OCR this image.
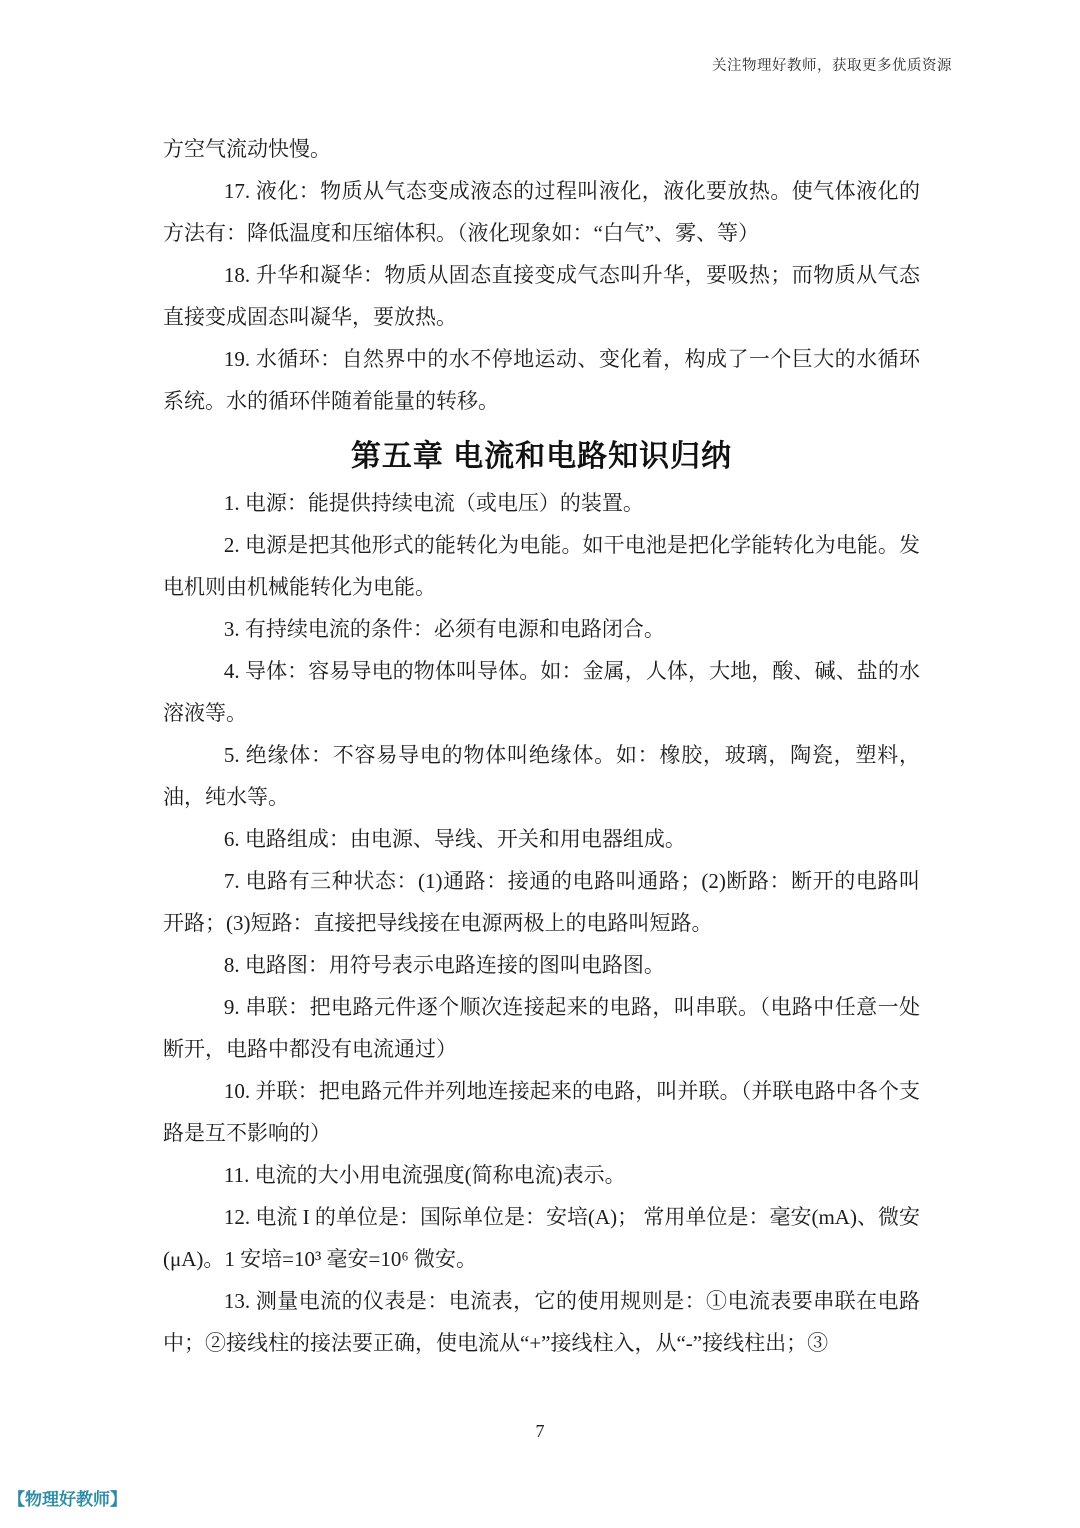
关注物理好教师，获取更多优质资源

方空气流动快慢。

17. 液化：物质从气态变成液态的过程叫液化，液化要放热。使气体液化的方法有：降低温度和压缩体积。（液化现象如：“白气”、雾、等）

18. 升华和凝华：物质从固态直接变成气态叫升华，要吸热；而物质从气态直接变成固态叫凝华，要放热。

19. 水循环：自然界中的水不停地运动、变化着，构成了一个巨大的水循环系统。水的循环伴随着能量的转移。

第五章 电流和电路知识归纳

1. 电源：能提供持续电流（或电压）的装置。

2. 电源是把其他形式的能转化为电能。如干电池是把化学能转化为电能。发电机则由机械能转化为电能。

3. 有持续电流的条件：必须有电源和电路闭合。

4. 导体：容易导电的物体叫导体。如：金属，人体，大地，酸、碱、盐的水溶液等。

5. 绝缘体：不容易导电的物体叫绝缘体。如：橡胶，玻璃，陶瓷，塑料，油，纯水等。

6. 电路组成：由电源、导线、开关和用电器组成。

7. 电路有三种状态：(1)通路：接通的电路叫通路；(2)断路：断开的电路叫开路；(3)短路：直接把导线接在电源两极上的电路叫短路。

8. 电路图：用符号表示电路连接的图叫电路图。

9. 串联：把电路元件逐个顺次连接起来的电路，叫串联。（电路中任意一处断开，电路中都没有电流通过）

10. 并联：把电路元件并列地连接起来的电路，叫并联。（并联电路中各个支路是互不影响的）

11. 电流的大小用电流强度(简称电流)表示。

12. 电流 I 的单位是：国际单位是：安培(A)； 常用单位是：毫安(mA)、微安(μA)。1 安培=10³ 毫安=10⁶ 微安。

13. 测量电流的仪表是：电流表，它的使用规则是：①电流表要串联在电路中；②接线柱的接法要正确，使电流从“+”接线柱入，从“-”接线柱出；③

7
【物理好教师】
